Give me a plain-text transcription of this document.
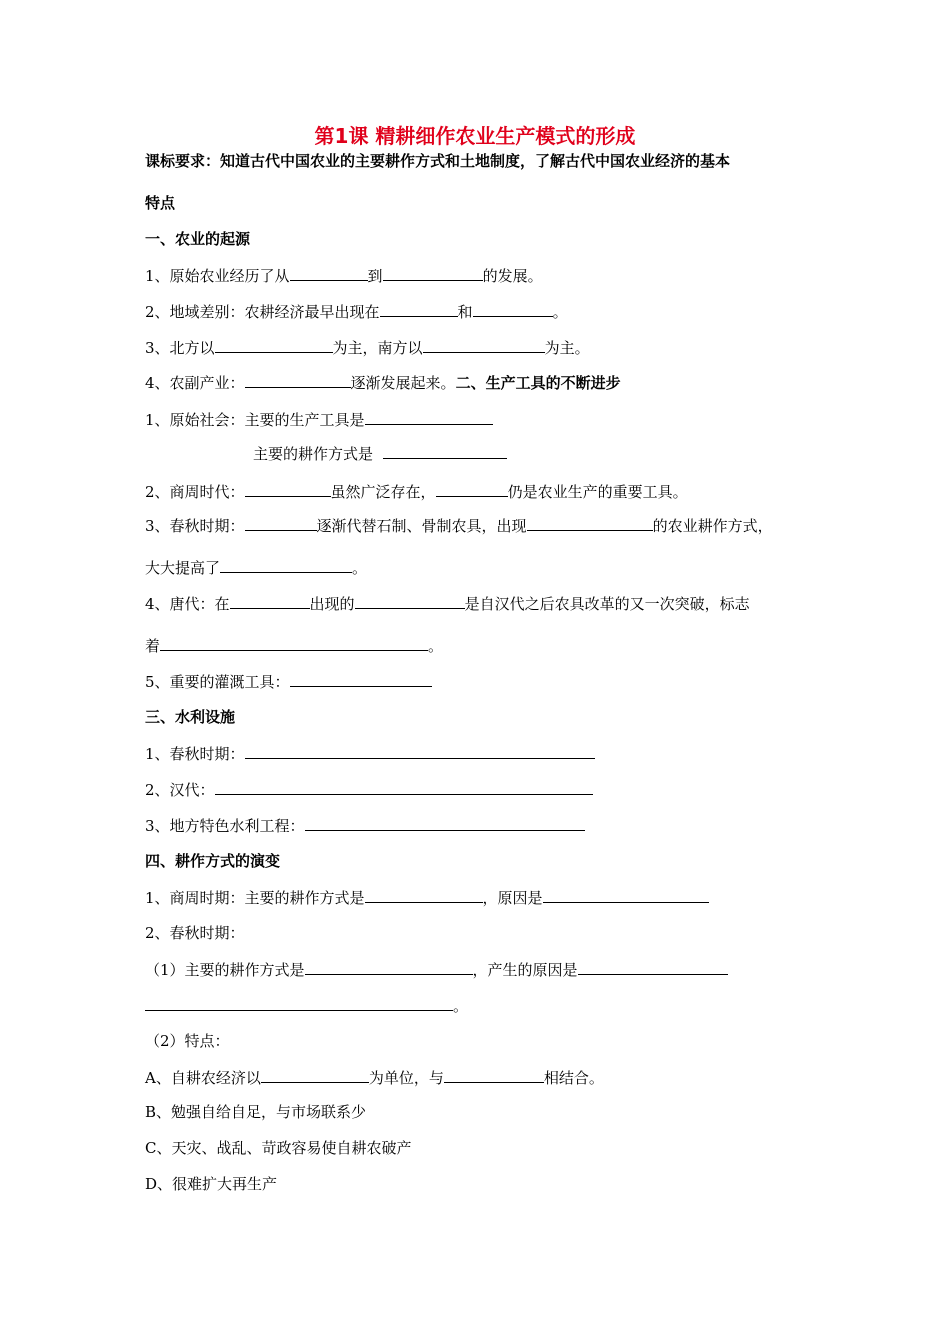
第1课 精耕细作农业生产模式的形成
课标要求：知道古代中国农业的主要耕作方式和土地制度，了解古代中国农业经济的基本
特点
一、农业的起源
1、原始农业经历了从	到	的发展。
2、地域差别：农耕经济最早出现在	和	。
3、北方以	为主，南方以	为主。
4、农副产业：	逐渐发展起来。二、生产工具的不断进步
1、原始社会：主要的生产工具是
主要的耕作方式是
2、商周时代：	虽然广泛存在，	仍是农业生产的重要工具。
3、春秋时期：	逐渐代替石制、骨制农具，出现	的农业耕作方式，
大大提高了	。
4、唐代：在	出现的	是自汉代之后农具改革的又一次突破，标志
着	。
5、重要的灌溉工具：
三、水利设施
1、春秋时期：
2、汉代：
3、地方特色水利工程：
四、耕作方式的演变
1、商周时期：主要的耕作方式是	，原因是
2、春秋时期：
（1）主要的耕作方式是	，产生的原因是
。
（2）特点：
A、自耕农经济以	为单位，与	相结合。
B、勉强自给自足，与市场联系少
C、天灾、战乱、苛政容易使自耕农破产
D、很难扩大再生产
